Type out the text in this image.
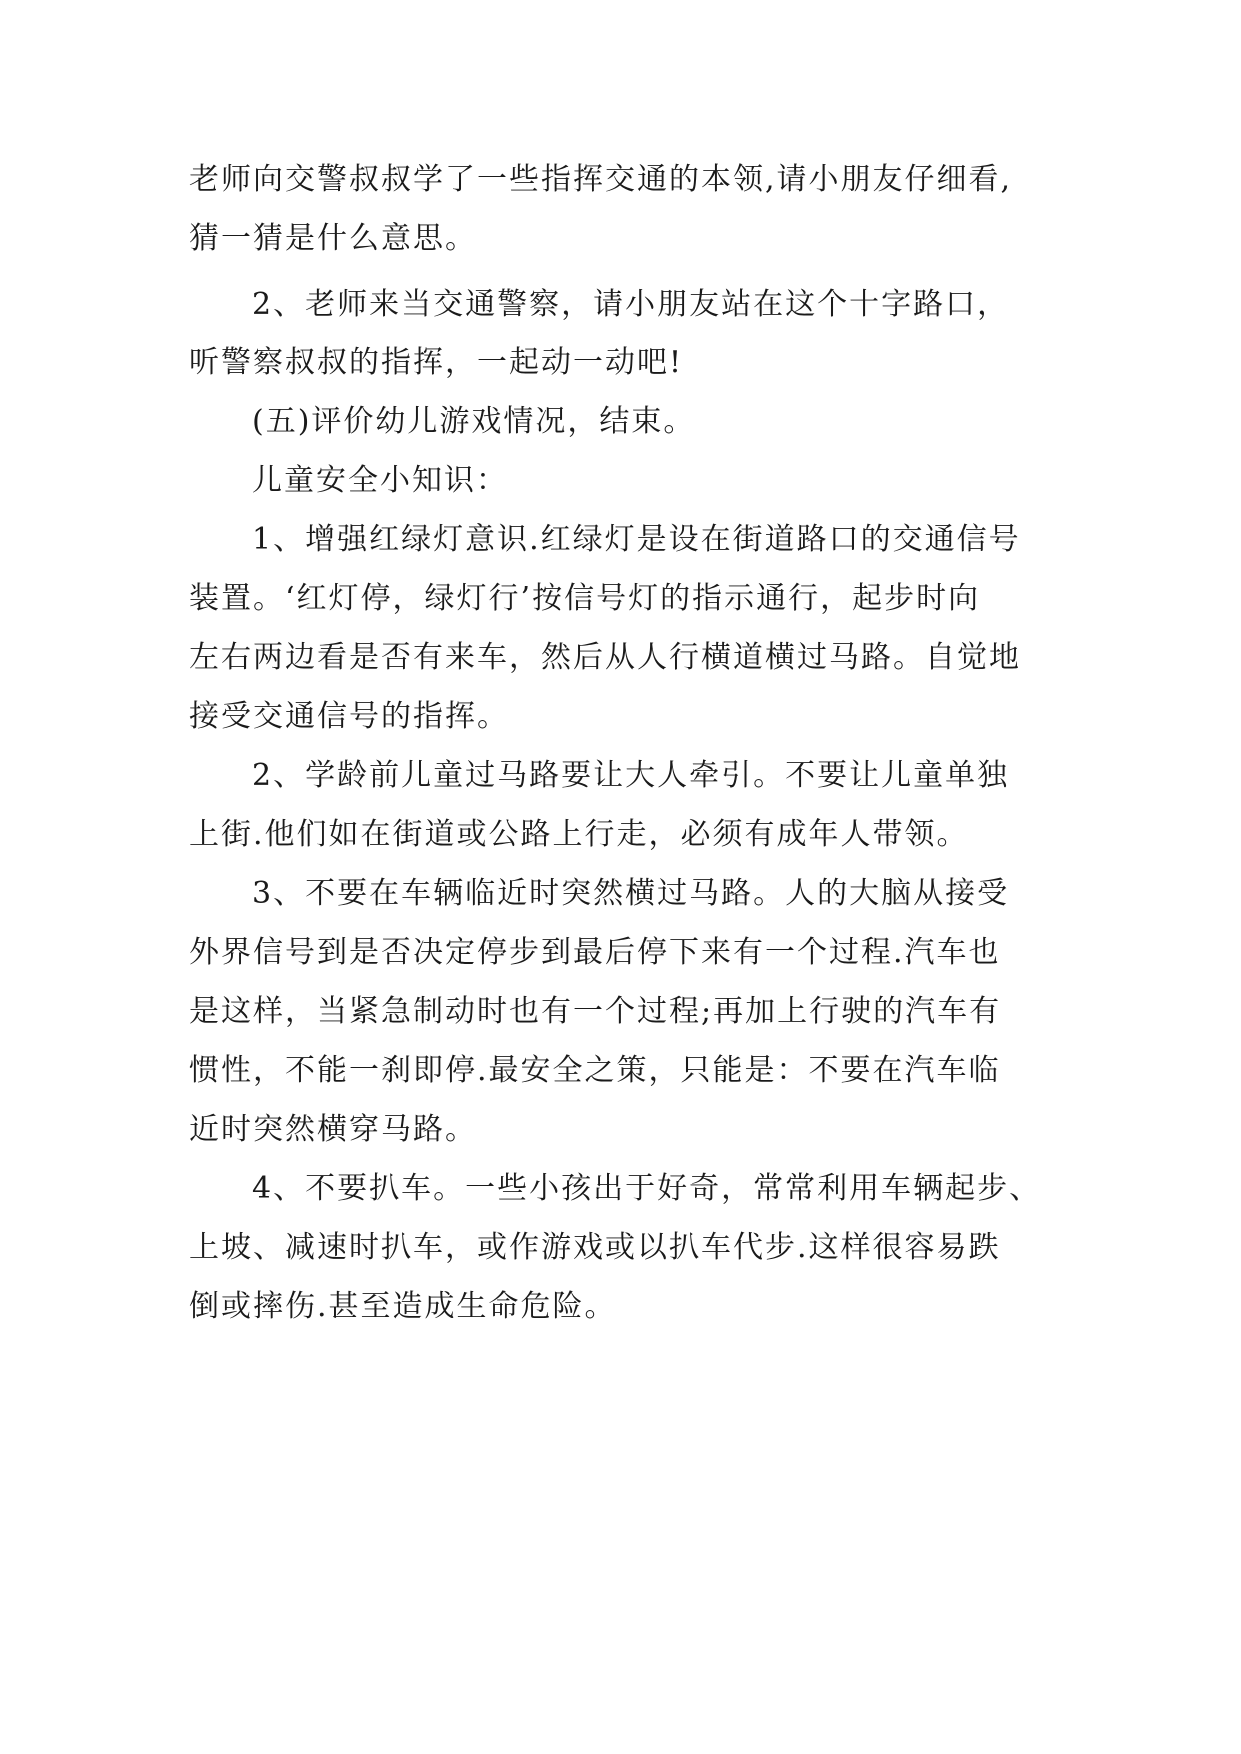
老师向交警叔叔学了一些指挥交通的本领,请小朋友仔细看,
猜一猜是什么意思。
2、老师来当交通警察，请小朋友站在这个十字路口，
听警察叔叔的指挥，一起动一动吧!
(五)评价幼儿游戏情况，结束。
儿童安全小知识：
1、增强红绿灯意识.红绿灯是设在街道路口的交通信号
装置。‘红灯停，绿灯行’按信号灯的指示通行，起步时向
左右两边看是否有来车，然后从人行横道横过马路。自觉地
接受交通信号的指挥。
2、学龄前儿童过马路要让大人牵引。不要让儿童单独
上街.他们如在街道或公路上行走，必须有成年人带领。
3、不要在车辆临近时突然横过马路。人的大脑从接受
外界信号到是否决定停步到最后停下来有一个过程.汽车也
是这样，当紧急制动时也有一个过程;再加上行驶的汽车有
惯性，不能一刹即停.最安全之策，只能是：不要在汽车临
近时突然横穿马路。
4、不要扒车。一些小孩出于好奇，常常利用车辆起步、
上坡、减速时扒车，或作游戏或以扒车代步.这样很容易跌
倒或摔伤.甚至造成生命危险。
